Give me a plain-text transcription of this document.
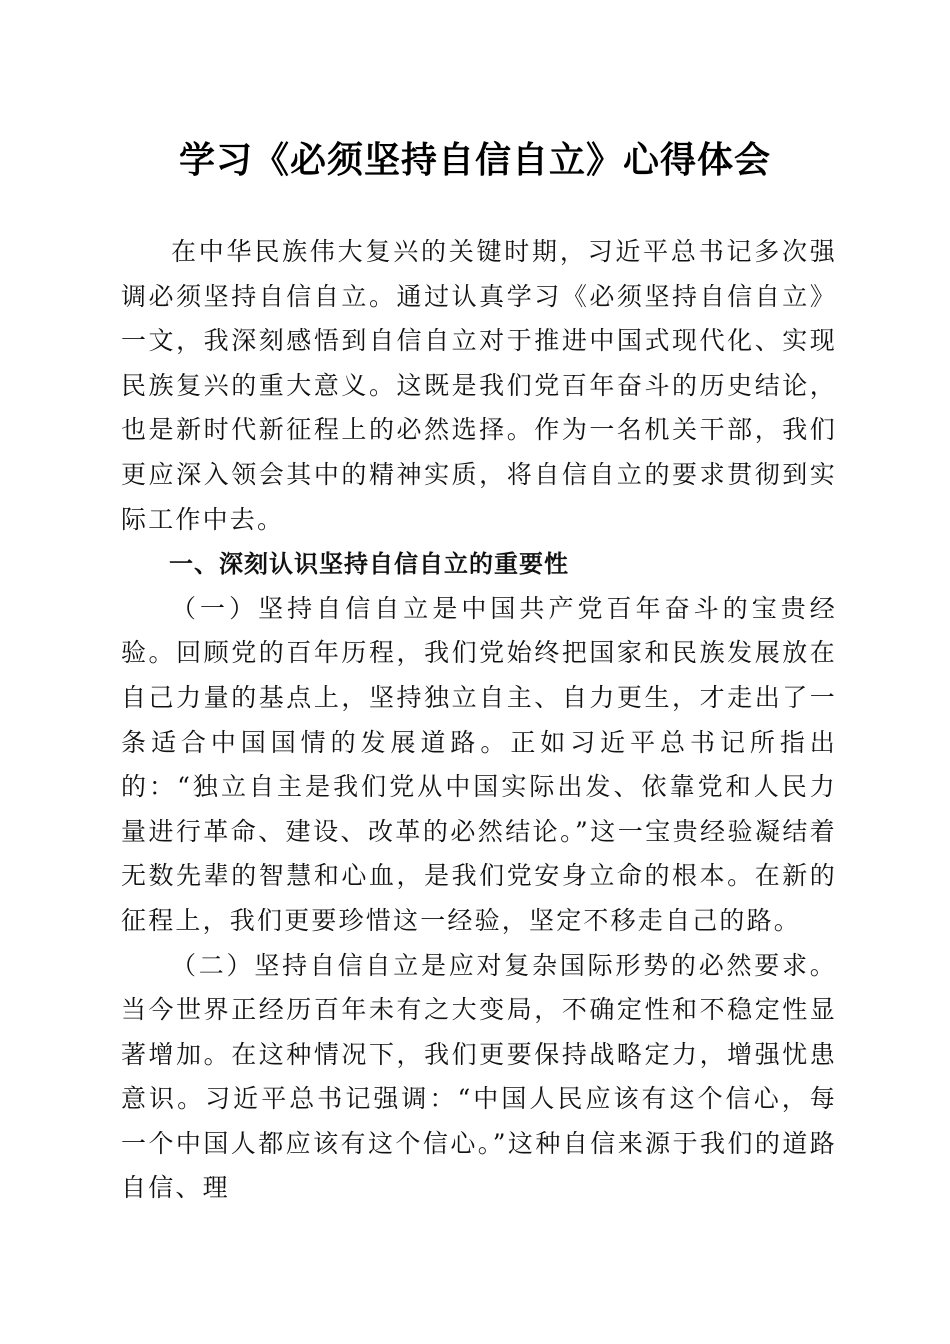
学习《必须坚持自信自立》心得体会

在中华民族伟大复兴的关键时期，习近平总书记多次强调必须坚持自信自立。通过认真学习《必须坚持自信自立》一文，我深刻感悟到自信自立对于推进中国式现代化、实现民族复兴的重大意义。这既是我们党百年奋斗的历史结论，也是新时代新征程上的必然选择。作为一名机关干部，我们更应深入领会其中的精神实质，将自信自立的要求贯彻到实际工作中去。

一、深刻认识坚持自信自立的重要性

（一）坚持自信自立是中国共产党百年奋斗的宝贵经验。回顾党的百年历程，我们党始终把国家和民族发展放在自己力量的基点上，坚持独立自主、自力更生，才走出了一条适合中国国情的发展道路。正如习近平总书记所指出的：“独立自主是我们党从中国实际出发、依靠党和人民力量进行革命、建设、改革的必然结论。”这一宝贵经验凝结着无数先辈的智慧和心血，是我们党安身立命的根本。在新的征程上，我们更要珍惜这一经验，坚定不移走自己的路。

（二）坚持自信自立是应对复杂国际形势的必然要求。当今世界正经历百年未有之大变局，不确定性和不稳定性显著增加。在这种情况下，我们更要保持战略定力，增强忧患意识。习近平总书记强调：“中国人民应该有这个信心，每一个中国人都应该有这个信心。”这种自信来源于我们的道路自信、理
